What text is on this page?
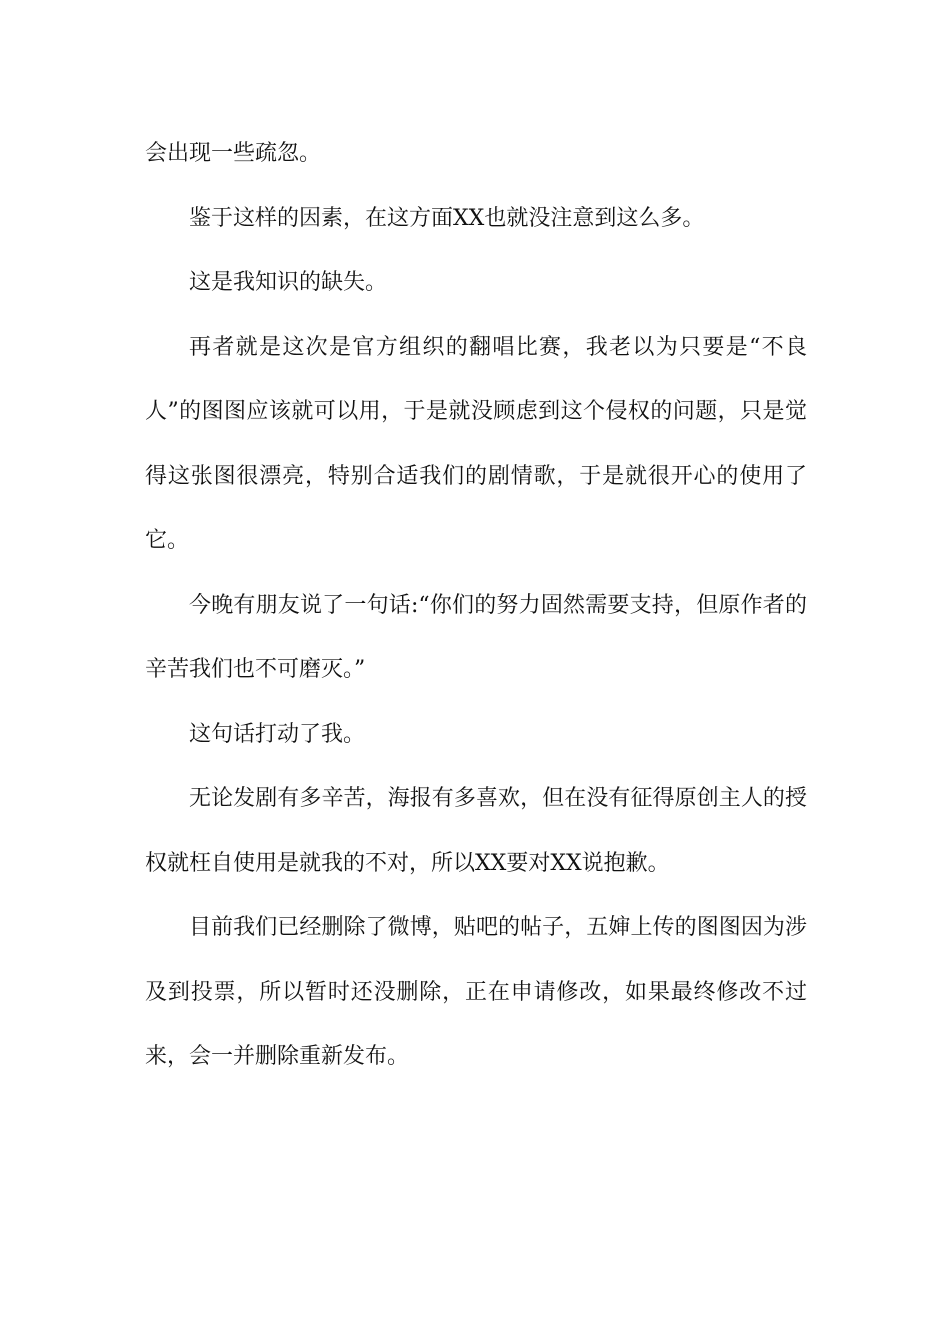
会出现一些疏忽。

鉴于这样的因素，在这方面XX也就没注意到这么多。

这是我知识的缺失。

再者就是这次是官方组织的翻唱比赛，我老以为只要是“不良人”的图图应该就可以用，于是就没顾虑到这个侵权的问题，只是觉得这张图很漂亮，特别合适我们的剧情歌，于是就很开心的使用了它。

今晚有朋友说了一句话:“你们的努力固然需要支持，但原作者的辛苦我们也不可磨灭。”

这句话打动了我。

无论发剧有多辛苦，海报有多喜欢，但在没有征得原创主人的授权就枉自使用是就我的不对，所以XX要对XX说抱歉。

目前我们已经删除了微博，贴吧的帖子，五婶上传的图图因为涉及到投票，所以暂时还没删除，正在申请修改，如果最终修改不过来，会一并删除重新发布。
